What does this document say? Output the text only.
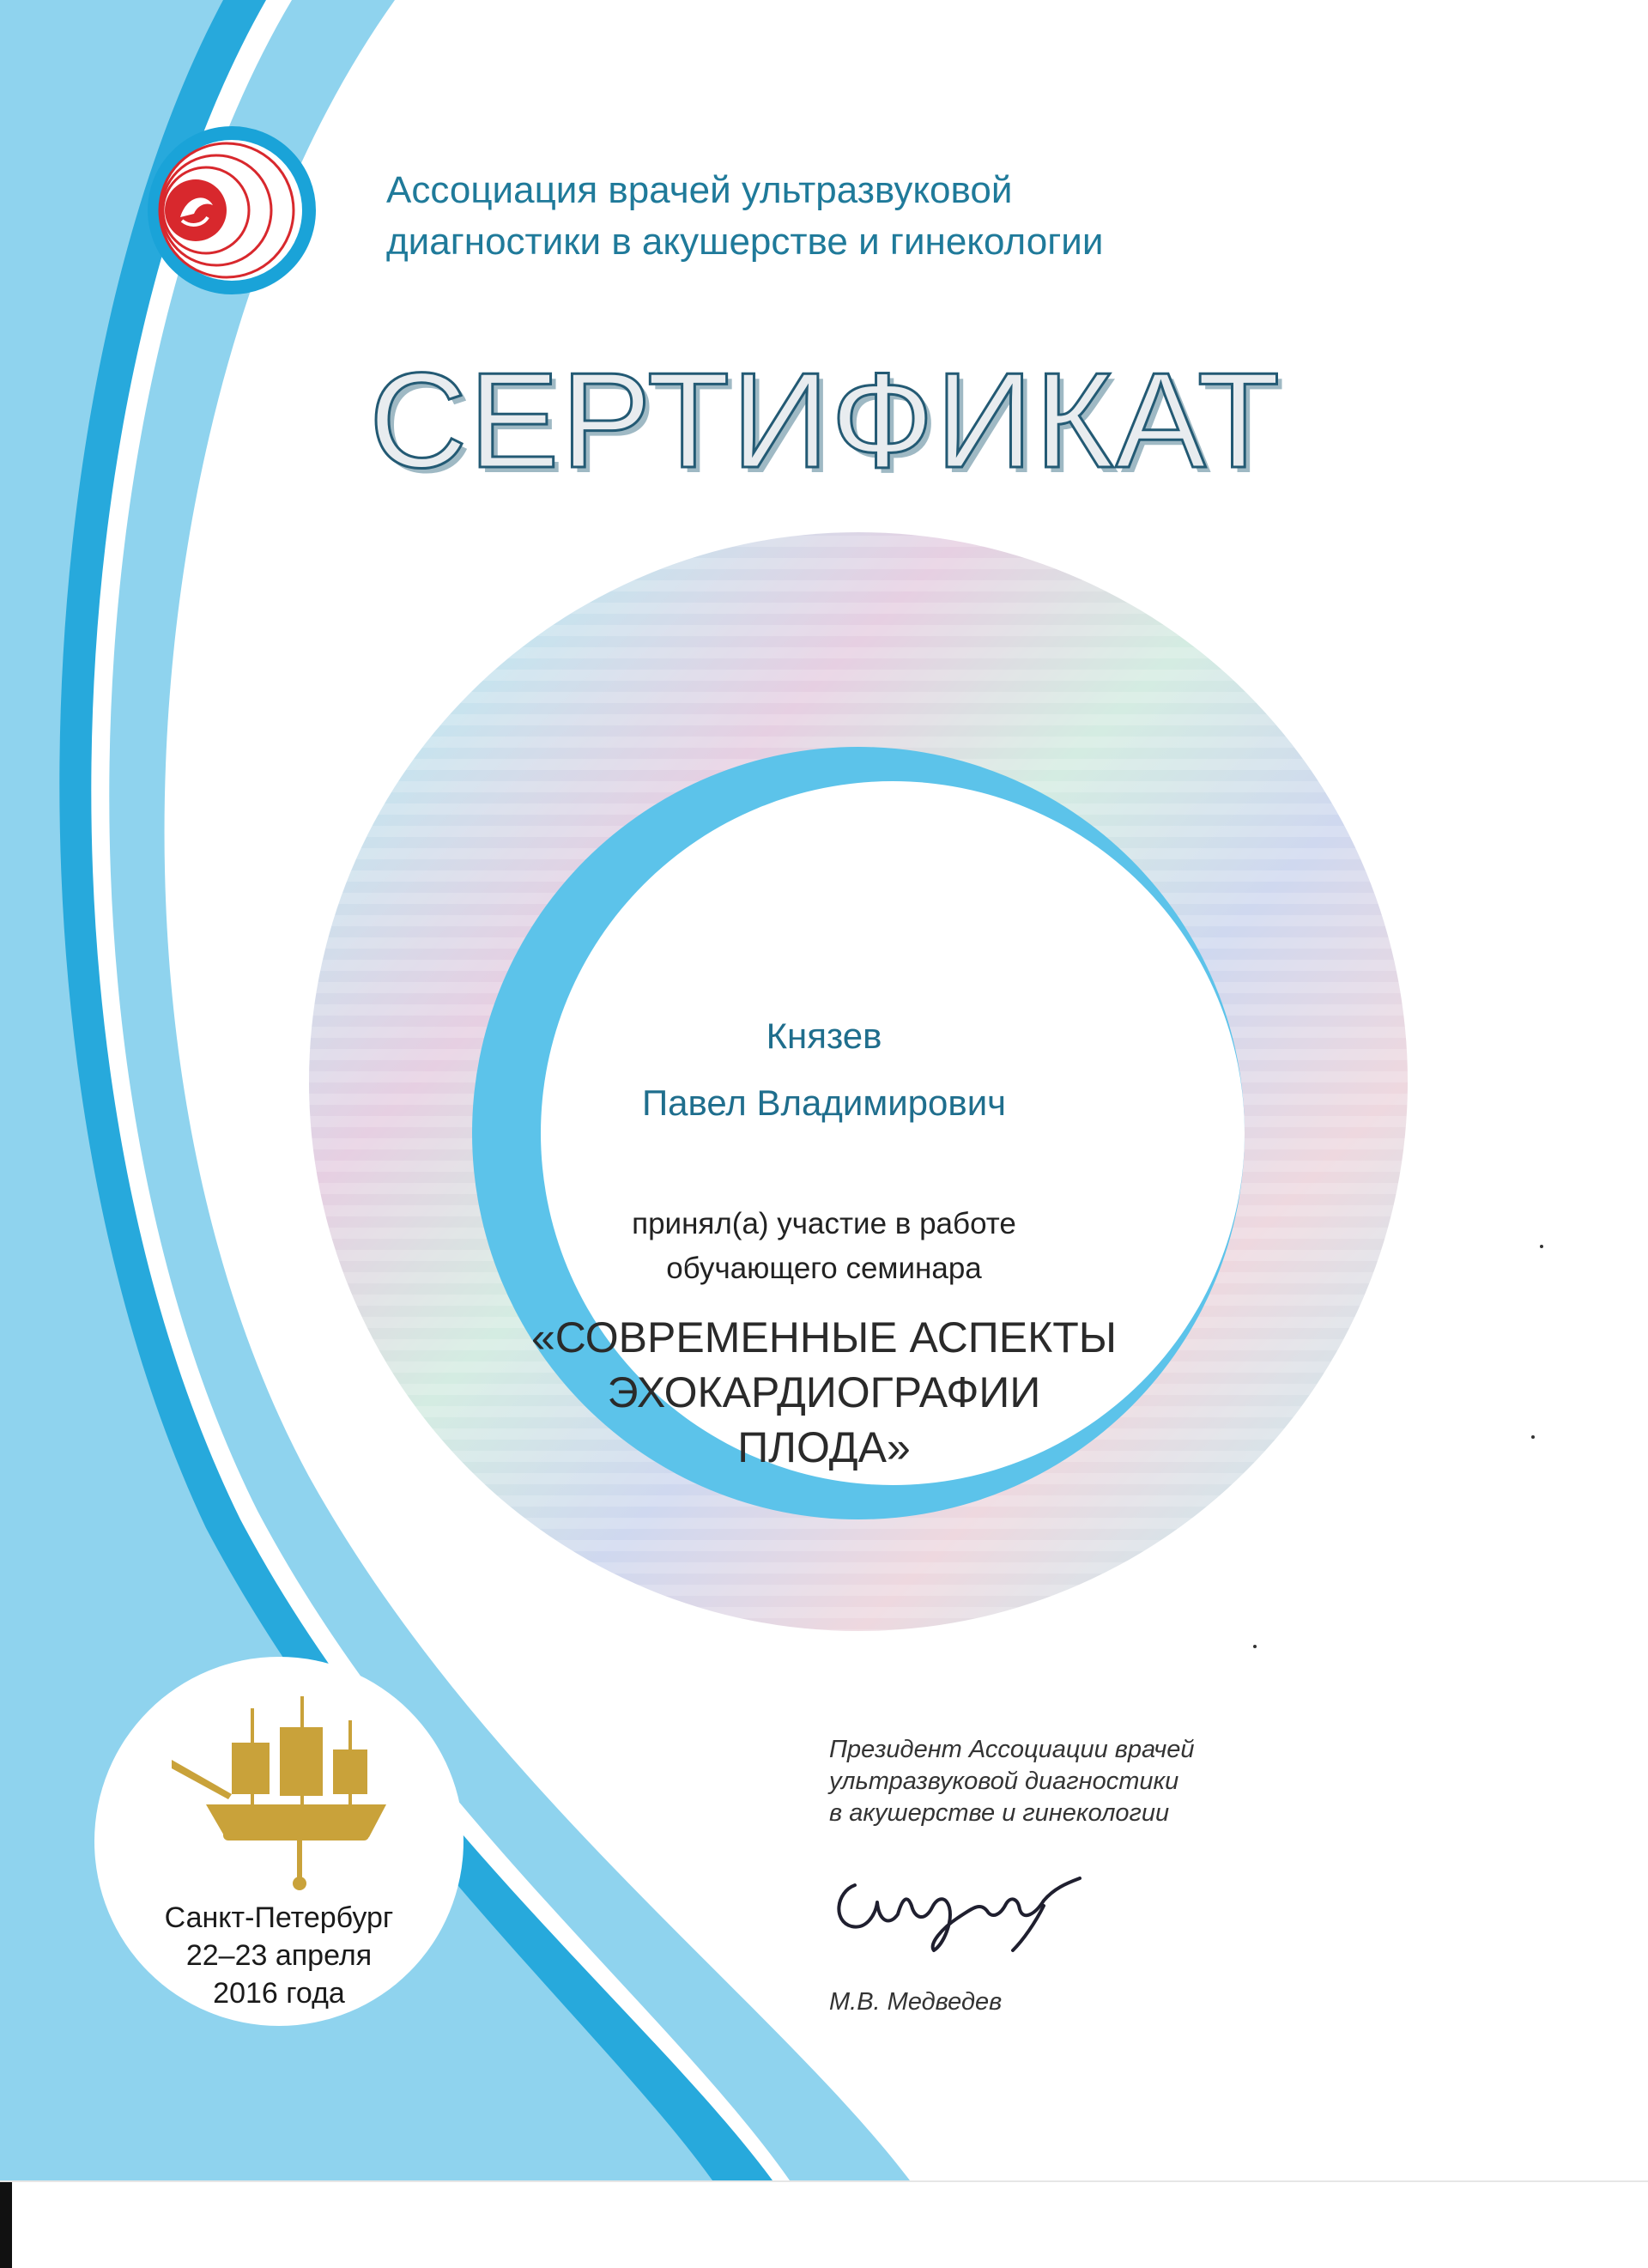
Ассоциация врачей ультразвуковой
диагностики в акушерстве и гинекологии
СЕРТИФИКАТ
Князев
Павел Владимирович
принял(а) участие в работе
обучающего семинара
«СОВРЕМЕННЫЕ АСПЕКТЫ
ЭХОКАРДИОГРАФИИ
ПЛОДА»
Санкт-Петербург
22–23 апреля
2016 года
Президент Ассоциации врачей
ультразвуковой диагностики
в акушерстве и гинекологии
М.В. Медведев
